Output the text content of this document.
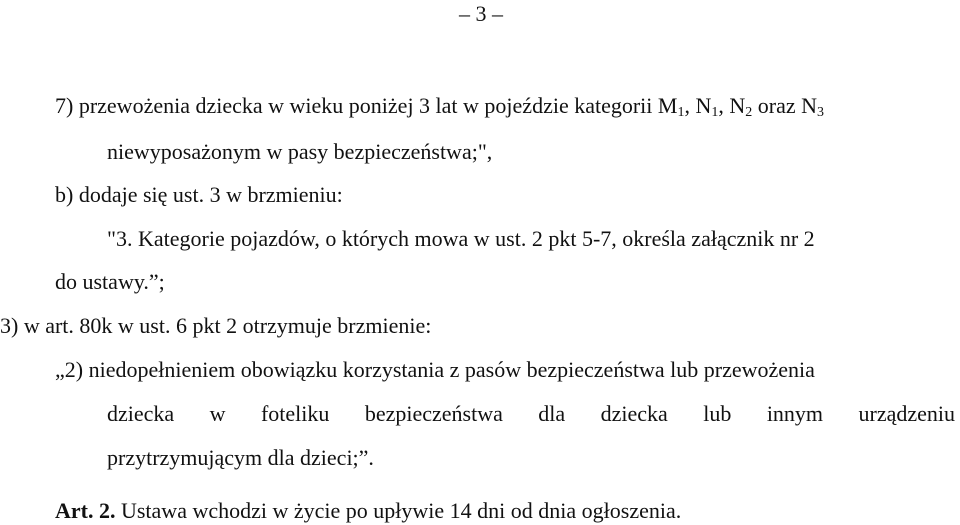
– 3 –
7) przewożenia dziecka w wieku poniżej 3 lat w pojeździe kategorii $M_1$, $N_1$, $N_2$ oraz $N_3$
niewyposażonym w pasy bezpieczeństwa;",
b) dodaje się ust. 3 w brzmieniu:
"3. Kategorie pojazdów, o których mowa w ust. 2 pkt 5-7, określa załącznik nr 2
do ustawy.”;
3) w art. 80k w ust. 6 pkt 2 otrzymuje brzmienie:
„2) niedopełnieniem obowiązku korzystania z pasów bezpieczeństwa lub przewożenia
dziecka w foteliku bezpieczeństwa dla dziecka lub innym urządzeniu
przytrzymującym dla dzieci;”.
Art. 2. Ustawa wchodzi w życie po upływie 14 dni od dnia ogłoszenia.
